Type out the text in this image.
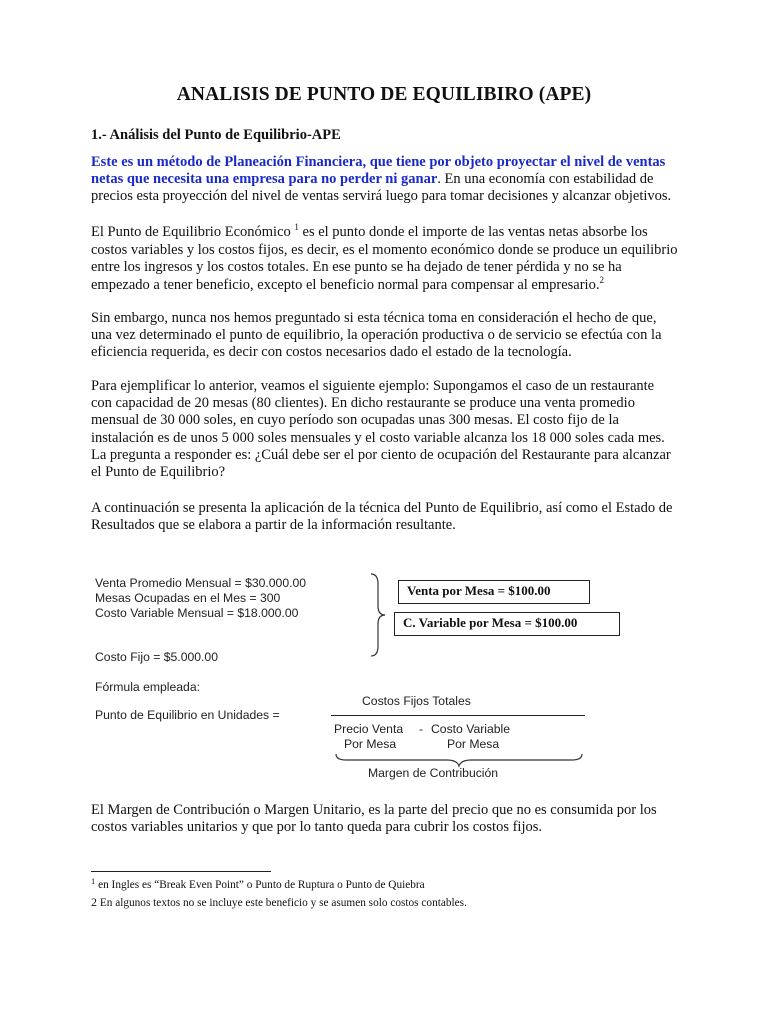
ANALISIS DE PUNTO DE EQUILIBIRO (APE)
1.- Análisis del Punto de Equilibrio-APE
Este es un método de Planeación Financiera, que tiene por objeto proyectar el nivel de ventas
netas que necesita una empresa para no perder ni ganar. En una economía con estabilidad de
precios esta proyección del nivel de ventas servirá luego para tomar decisiones y alcanzar objetivos.
El Punto de Equilibrio Económico $^1$ es el punto donde el importe de las ventas netas absorbe los
costos variables y los costos fijos, es decir, es el momento económico donde se produce un equilibrio
entre los ingresos y los costos totales. En ese punto se ha dejado de tener pérdida y no se ha
empezado a tener beneficio, excepto el beneficio normal para compensar al empresario.$^2$
Sin embargo, nunca nos hemos preguntado si esta técnica toma en consideración el hecho de que,
una vez determinado el punto de equilibrio, la operación productiva o de servicio se efectúa con la
eficiencia requerida, es decir con costos necesarios dado el estado de la tecnología.
Para ejemplificar lo anterior, veamos el siguiente ejemplo: Supongamos el caso de un restaurante
con capacidad de 20 mesas (80 clientes). En dicho restaurante se produce una venta promedio
mensual de 30 000 soles, en cuyo período son ocupadas unas 300 mesas. El costo fijo de la
instalación es de unos 5 000 soles mensuales y el costo variable alcanza los 18 000 soles cada mes.
La pregunta a responder es: ¿Cuál debe ser el por ciento de ocupación del Restaurante para alcanzar
el Punto de Equilibrio?
A continuación se presenta la aplicación de la técnica del Punto de Equilibrio, así como el Estado de
Resultados que se elabora a partir de la información resultante.
Venta Promedio Mensual = $30.000.00
Mesas Ocupadas en el Mes = 300
Costo Variable Mensual = $18.000.00
Costo Fijo = $5.000.00
Venta por Mesa = $100.00
C. Variable por Mesa = $100.00
Fórmula empleada:
Punto de Equilibrio en Unidades =
Costos Fijos Totales
Precio Venta - Costo Variable
Por Mesa	Por Mesa
Margen de Contribución
El Margen de Contribución o Margen Unitario, es la parte del precio que no es consumida por los
costos variables unitarios y que por lo tanto queda para cubrir los costos fijos.
$^1$ en Ingles es “Break Even Point” o Punto de Ruptura o Punto de Quiebra
2 En algunos textos no se incluye este beneficio y se asumen solo costos contables.
